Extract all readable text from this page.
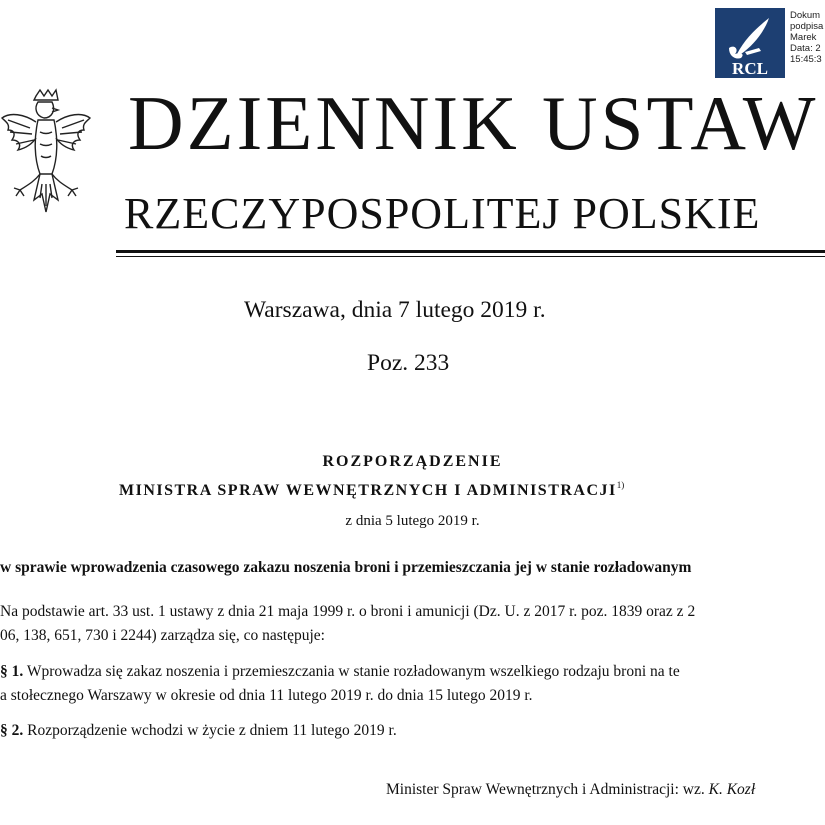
RCL
Dokum
podpisa
Marek
Data: 2
15:45:3
DZIENNIK USTAW
RZECZYPOSPOLITEJ POLSKIE
Warszawa, dnia 7 lutego 2019 r.
Poz. 233
ROZPORZĄDZENIE
MINISTRA SPRAW WEWNĘTRZNYCH I ADMINISTRACJI$^{1)}$
z dnia 5 lutego 2019 r.
w sprawie wprowadzenia czasowego zakazu noszenia broni i przemieszczania jej w stanie rozładowanym
Na podstawie art. 33 ust. 1 ustawy z dnia 21 maja 1999 r. o broni i amunicji (Dz. U. z 2017 r. poz. 1839 oraz z 2
06, 138, 651, 730 i 2244) zarządza się, co następuje:
§ 1. Wprowadza się zakaz noszenia i przemieszczania w stanie rozładowanym wszelkiego rodzaju broni na te
a stołecznego Warszawy w okresie od dnia 11 lutego 2019 r. do dnia 15 lutego 2019 r.
§ 2. Rozporządzenie wchodzi w życie z dniem 11 lutego 2019 r.
Minister Spraw Wewnętrznych i Administracji: wz. K. Kozł
